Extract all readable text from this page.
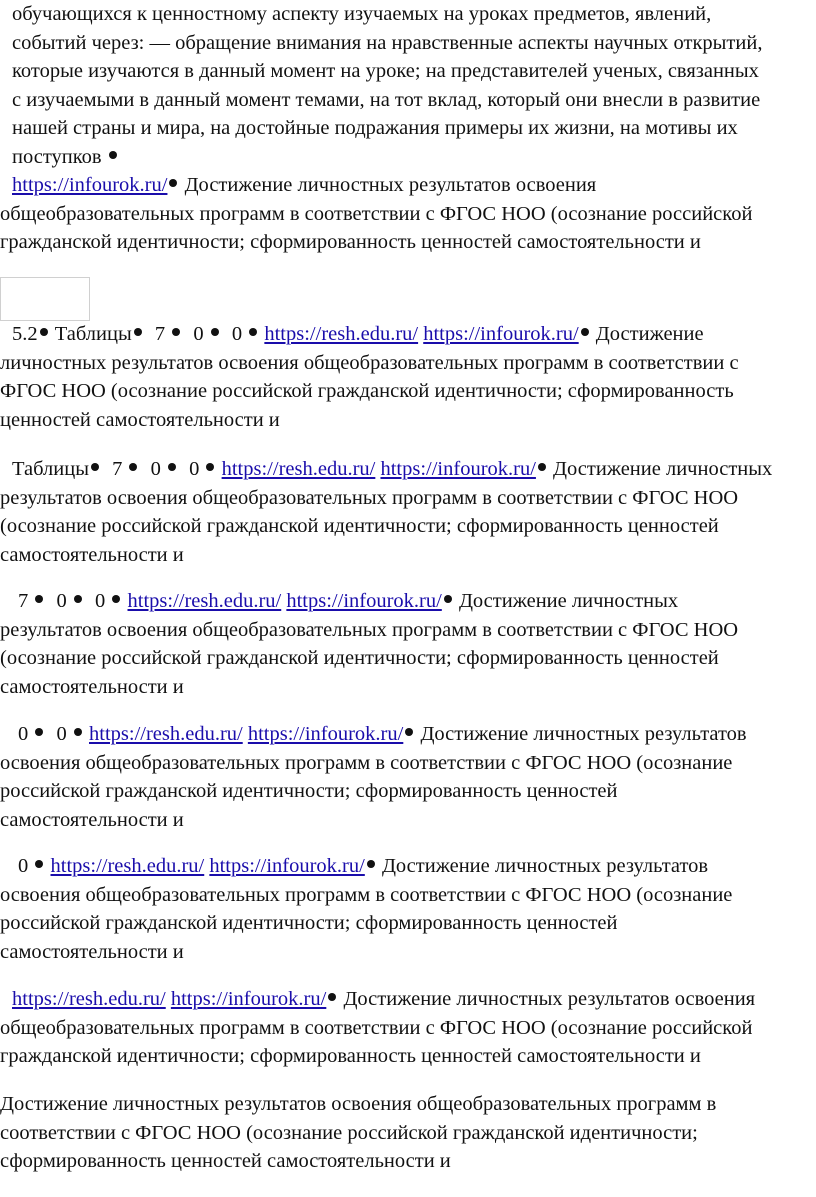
обучающихся к ценностному аспекту изучаемых на уроках предметов, явлений,
событий через: — обращение внимания на нравственные аспекты научных открытий,
которые изучаются в данный момент на уроке; на представителей ученых, связанных
с изучаемыми в данный момент темами, на тот вклад, который они внесли в развитие
нашей страны и мира, на достойные подражания примеры их жизни, на мотивы их
поступков
https://infourok.ru/ Достижение личностных результатов освоения
общеобразовательных программ в соответствии с ФГОС НОО (осознание российской
гражданской идентичности; сформированность ценностей самостоятельности и
5.2 Таблицы 7 0 0 https://resh.edu.ru/ https://infourok.ru/ Достижение
личностных результатов освоения общеобразовательных программ в соответствии с
ФГОС НОО (осознание российской гражданской идентичности; сформированность
ценностей самостоятельности и
Таблицы 7 0 0 https://resh.edu.ru/ https://infourok.ru/ Достижение личностных
результатов освоения общеобразовательных программ в соответствии с ФГОС НОО
(осознание российской гражданской идентичности; сформированность ценностей
самостоятельности и
7 0 0 https://resh.edu.ru/ https://infourok.ru/ Достижение личностных
результатов освоения общеобразовательных программ в соответствии с ФГОС НОО
(осознание российской гражданской идентичности; сформированность ценностей
самостоятельности и
0 0 https://resh.edu.ru/ https://infourok.ru/ Достижение личностных результатов
освоения общеобразовательных программ в соответствии с ФГОС НОО (осознание
российской гражданской идентичности; сформированность ценностей
самостоятельности и
0 https://resh.edu.ru/ https://infourok.ru/ Достижение личностных результатов
освоения общеобразовательных программ в соответствии с ФГОС НОО (осознание
российской гражданской идентичности; сформированность ценностей
самостоятельности и
https://resh.edu.ru/ https://infourok.ru/ Достижение личностных результатов освоения
общеобразовательных программ в соответствии с ФГОС НОО (осознание российской
гражданской идентичности; сформированность ценностей самостоятельности и
Достижение личностных результатов освоения общеобразовательных программ в
соответствии с ФГОС НОО (осознание российской гражданской идентичности;
сформированность ценностей самостоятельности и
